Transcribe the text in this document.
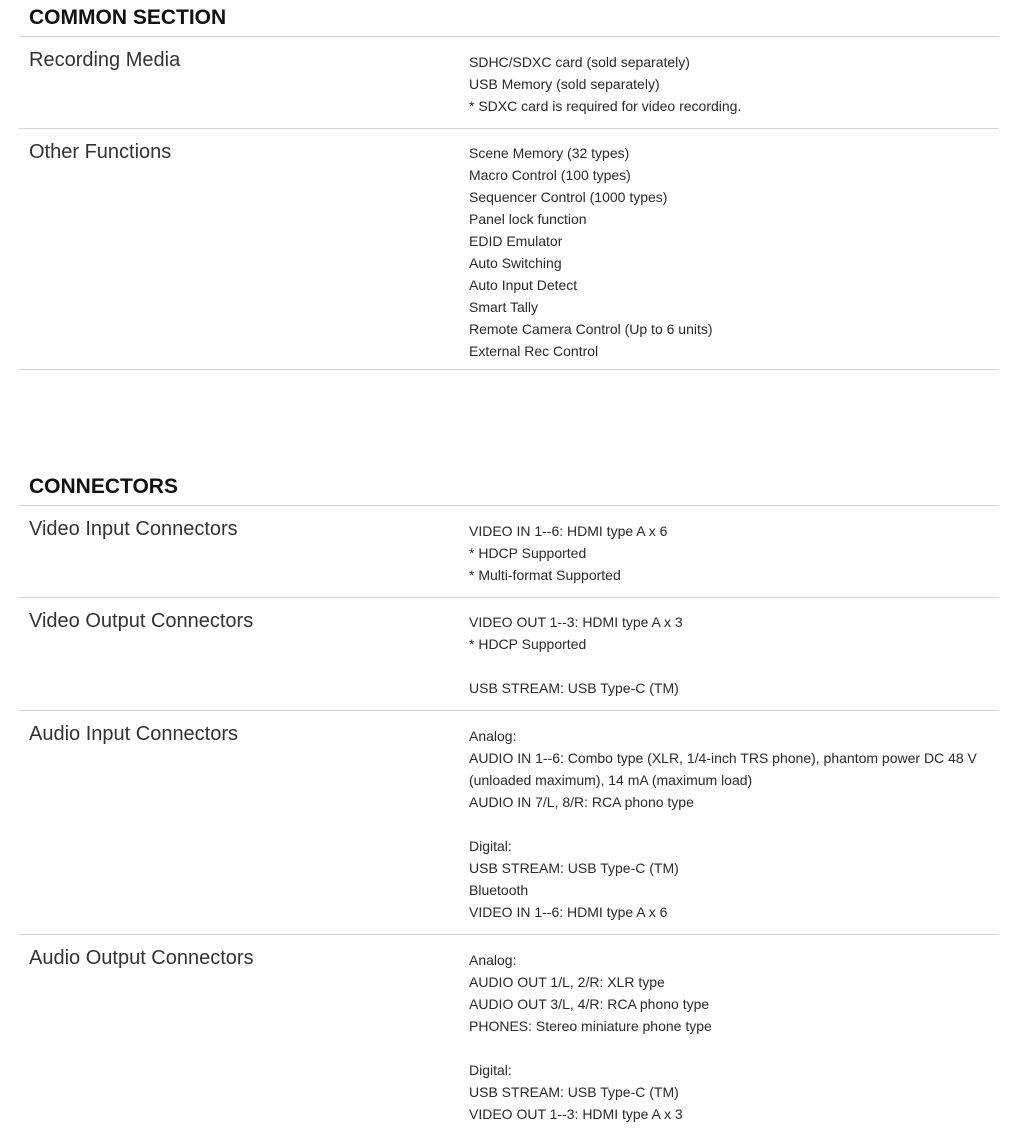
COMMON SECTION
Recording Media	SDHC/SDXC card (sold separately)
USB Memory (sold separately)
* SDXC card is required for video recording.
Other Functions	Scene Memory (32 types)
Macro Control (100 types)
Sequencer Control (1000 types)
Panel lock function
EDID Emulator
Auto Switching
Auto Input Detect
Smart Tally
Remote Camera Control (Up to 6 units)
External Rec Control
CONNECTORS
Video Input Connectors	VIDEO IN 1--6: HDMI type A x 6
* HDCP Supported
* Multi-format Supported
Video Output Connectors	VIDEO OUT 1--3: HDMI type A x 3
* HDCP Supported
USB STREAM: USB Type-C (TM)
Audio Input Connectors	Analog:
AUDIO IN 1--6: Combo type (XLR, 1/4-inch TRS phone), phantom power DC 48 V (unloaded maximum), 14 mA (maximum load)
AUDIO IN 7/L, 8/R: RCA phono type
Digital:
USB STREAM: USB Type-C (TM)
Bluetooth
VIDEO IN 1--6: HDMI type A x 6
Audio Output Connectors	Analog:
AUDIO OUT 1/L, 2/R: XLR type
AUDIO OUT 3/L, 4/R: RCA phono type
PHONES: Stereo miniature phone type
Digital:
USB STREAM: USB Type-C (TM)
VIDEO OUT 1--3: HDMI type A x 3
